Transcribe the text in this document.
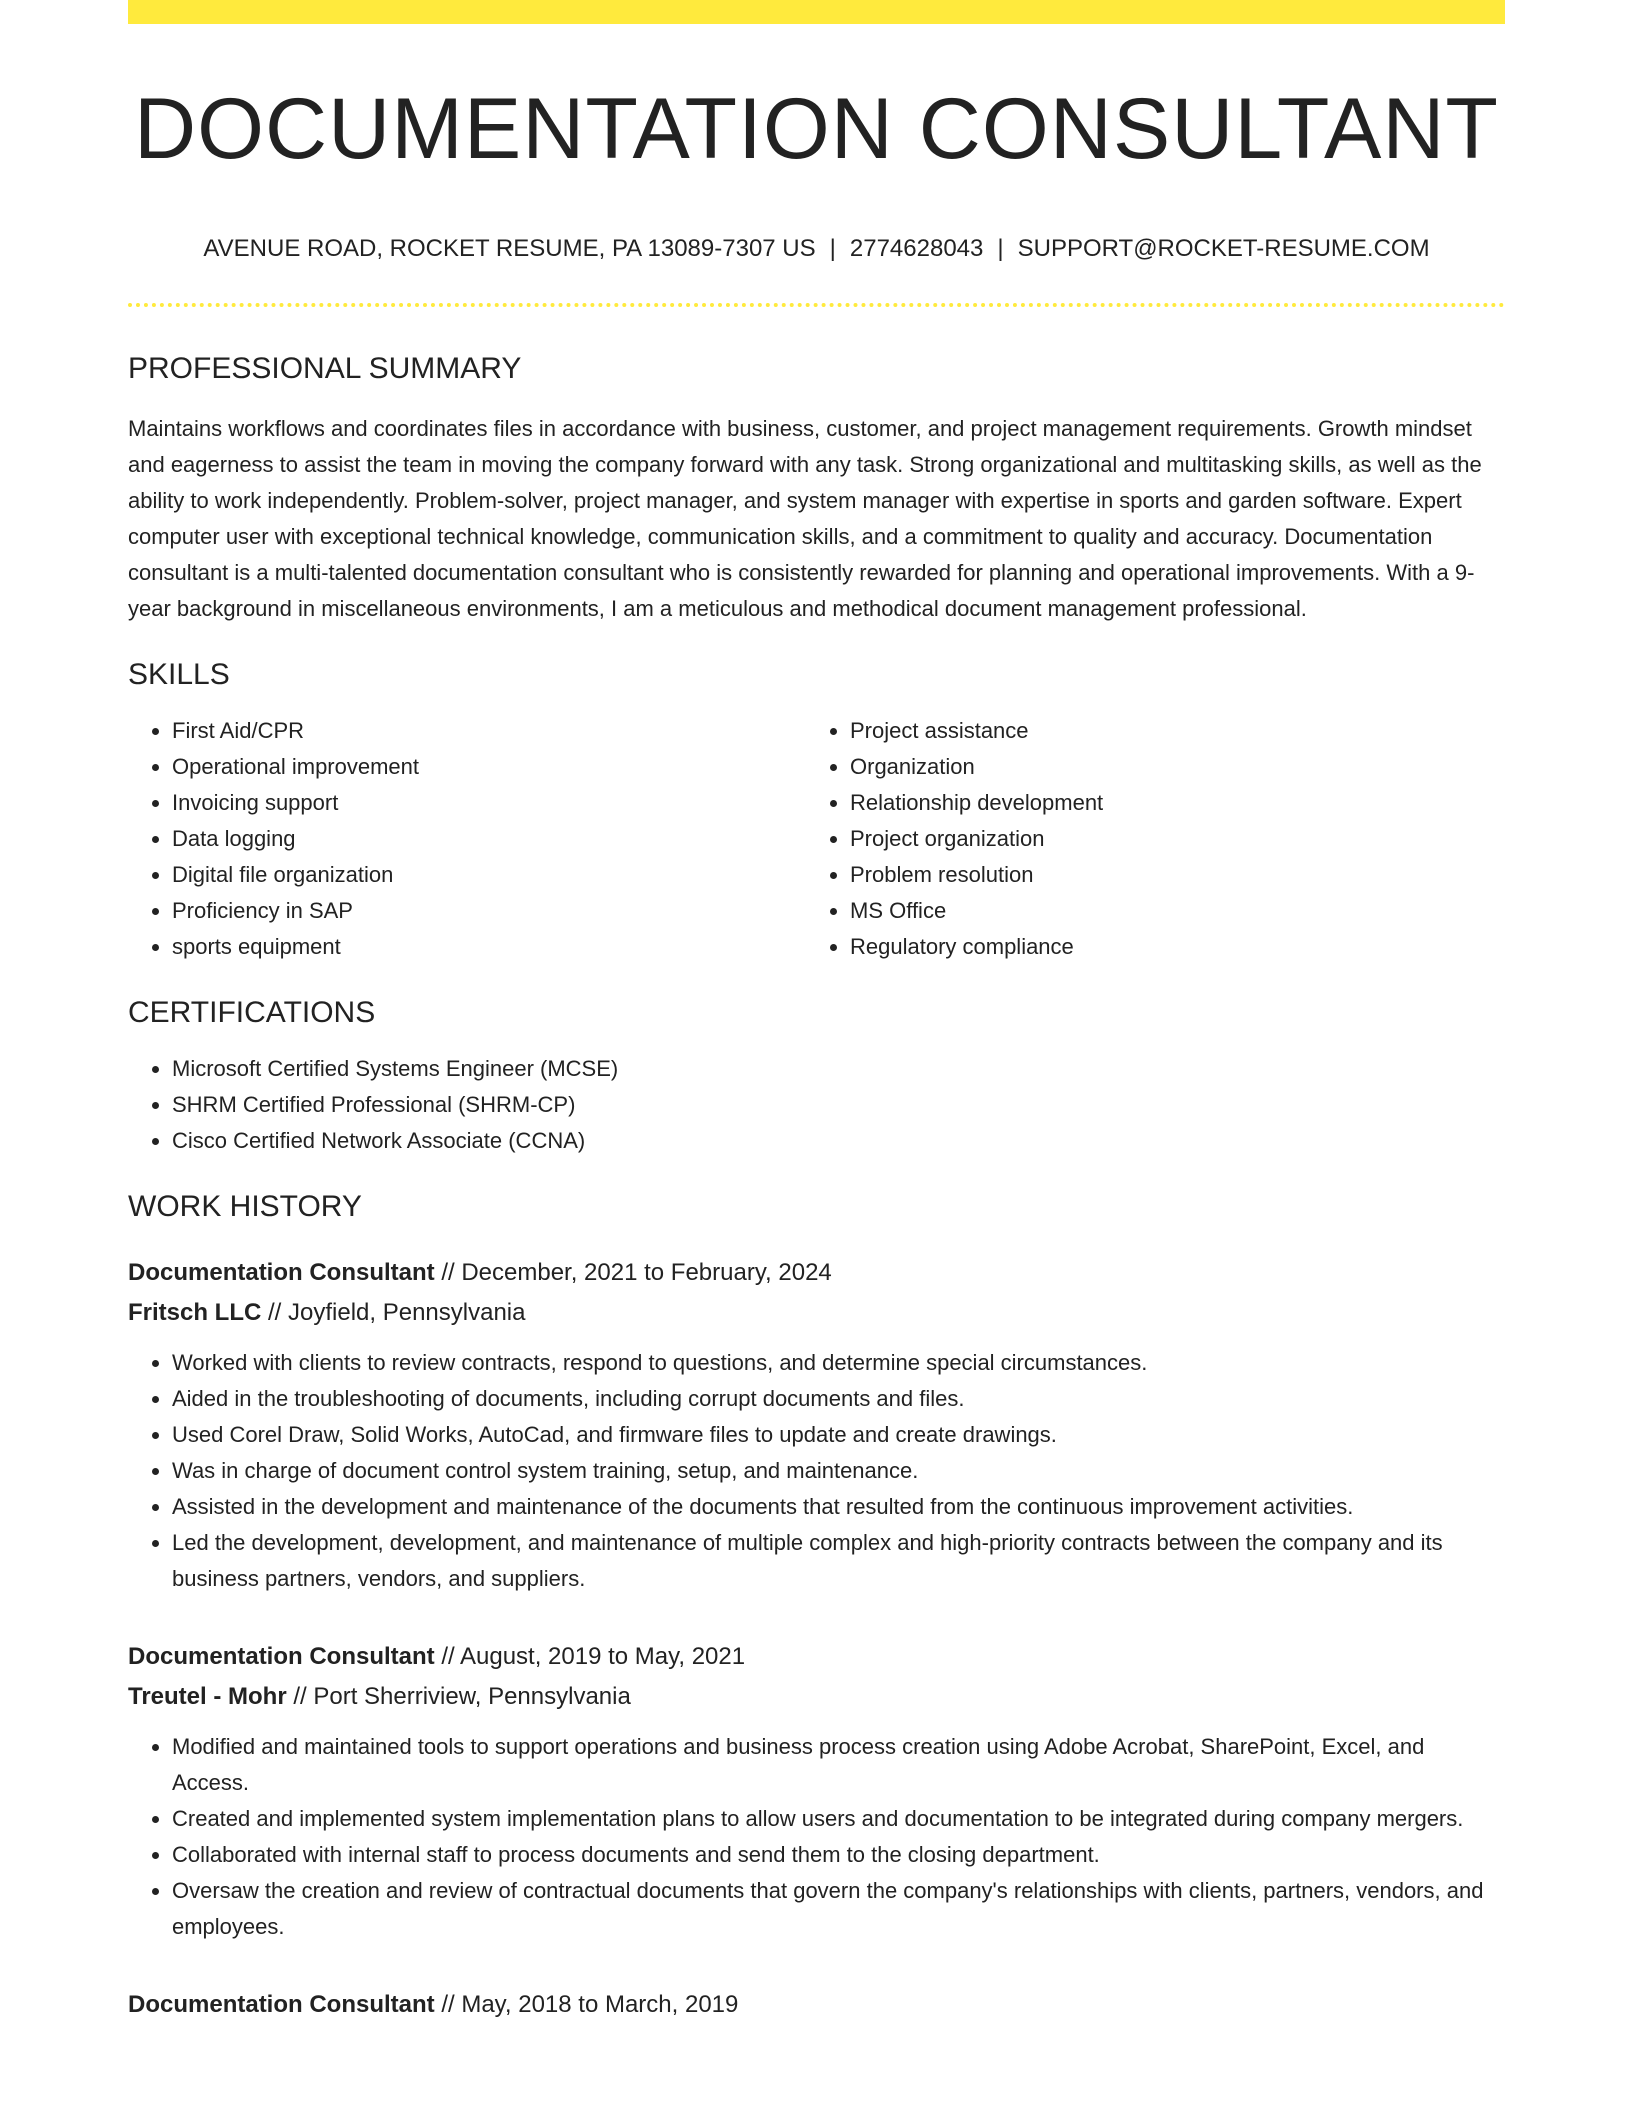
DOCUMENTATION CONSULTANT
AVENUE ROAD, ROCKET RESUME, PA 13089-7307 US | 2774628043 | SUPPORT@ROCKET-RESUME.COM
PROFESSIONAL SUMMARY

Maintains workflows and coordinates files in accordance with business, customer, and project management requirements. Growth mindset and eagerness to assist the team in moving the company forward with any task. Strong organizational and multitasking skills, as well as the ability to work independently. Problem-solver, project manager, and system manager with expertise in sports and garden software. Expert computer user with exceptional technical knowledge, communication skills, and a commitment to quality and accuracy. Documentation consultant is a multi-talented documentation consultant who is consistently rewarded for planning and operational improvements. With a 9-year background in miscellaneous environments, I am a meticulous and methodical document management professional.

SKILLS
• First Aid/CPR
• Operational improvement
• Invoicing support
• Data logging
• Digital file organization
• Proficiency in SAP
• sports equipment
• Project assistance
• Organization
• Relationship development
• Project organization
• Problem resolution
• MS Office
• Regulatory compliance
CERTIFICATIONS
• Microsoft Certified Systems Engineer (MCSE)
• SHRM Certified Professional (SHRM-CP)
• Cisco Certified Network Associate (CCNA)
WORK HISTORY
Documentation Consultant // December, 2021 to February, 2024
Fritsch LLC // Joyfield, Pennsylvania
• Worked with clients to review contracts, respond to questions, and determine special circumstances.
• Aided in the troubleshooting of documents, including corrupt documents and files.
• Used Corel Draw, Solid Works, AutoCad, and firmware files to update and create drawings.
• Was in charge of document control system training, setup, and maintenance.
• Assisted in the development and maintenance of the documents that resulted from the continuous improvement activities.
• Led the development, development, and maintenance of multiple complex and high-priority contracts between the company and its business partners, vendors, and suppliers.
Documentation Consultant // August, 2019 to May, 2021
Treutel - Mohr // Port Sherriview, Pennsylvania
• Modified and maintained tools to support operations and business process creation using Adobe Acrobat, SharePoint, Excel, and Access.
• Created and implemented system implementation plans to allow users and documentation to be integrated during company mergers.
• Collaborated with internal staff to process documents and send them to the closing department.
• Oversaw the creation and review of contractual documents that govern the company's relationships with clients, partners, vendors, and employees.
Documentation Consultant // May, 2018 to March, 2019
